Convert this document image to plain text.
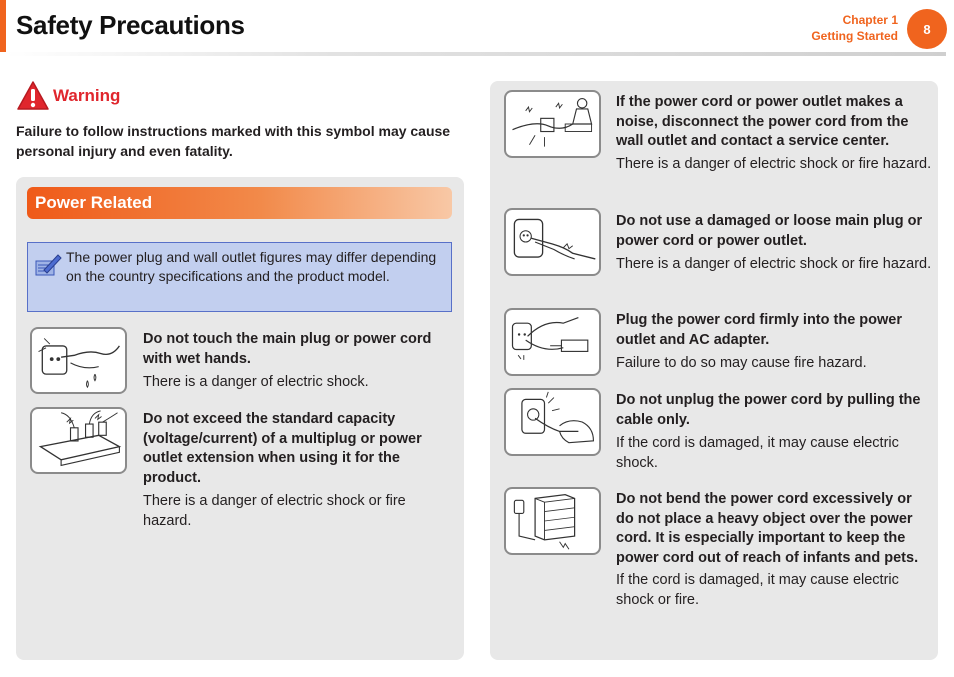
Safety Precautions	Chapter 1
Getting Started	8
Warning
Failure to follow instructions marked with this symbol may cause personal injury and even fatality.
Power Related
The power plug and wall outlet figures may differ depending on the country specifications and the product model.
Do not touch the main plug or power cord with wet hands.
There is a danger of electric shock.
Do not exceed the standard capacity (voltage/current) of a multiplug or power outlet extension when using it for the product.
There is a danger of electric shock or fire hazard.
If the power cord or power outlet makes a noise, disconnect the power cord from the wall outlet and contact a service center.
There is a danger of electric shock or fire hazard.
Do not use a damaged or loose main plug or power cord or power outlet.
There is a danger of electric shock or fire hazard.
Plug the power cord firmly into the power outlet and AC adapter.
Failure to do so may cause fire hazard.
Do not unplug the power cord by pulling the cable only.
If the cord is damaged, it may cause electric shock.
Do not bend the power cord excessively or do not place a heavy object over the power cord. It is especially important to keep the power cord out of reach of infants and pets.
If the cord is damaged, it may cause electric shock or fire.
